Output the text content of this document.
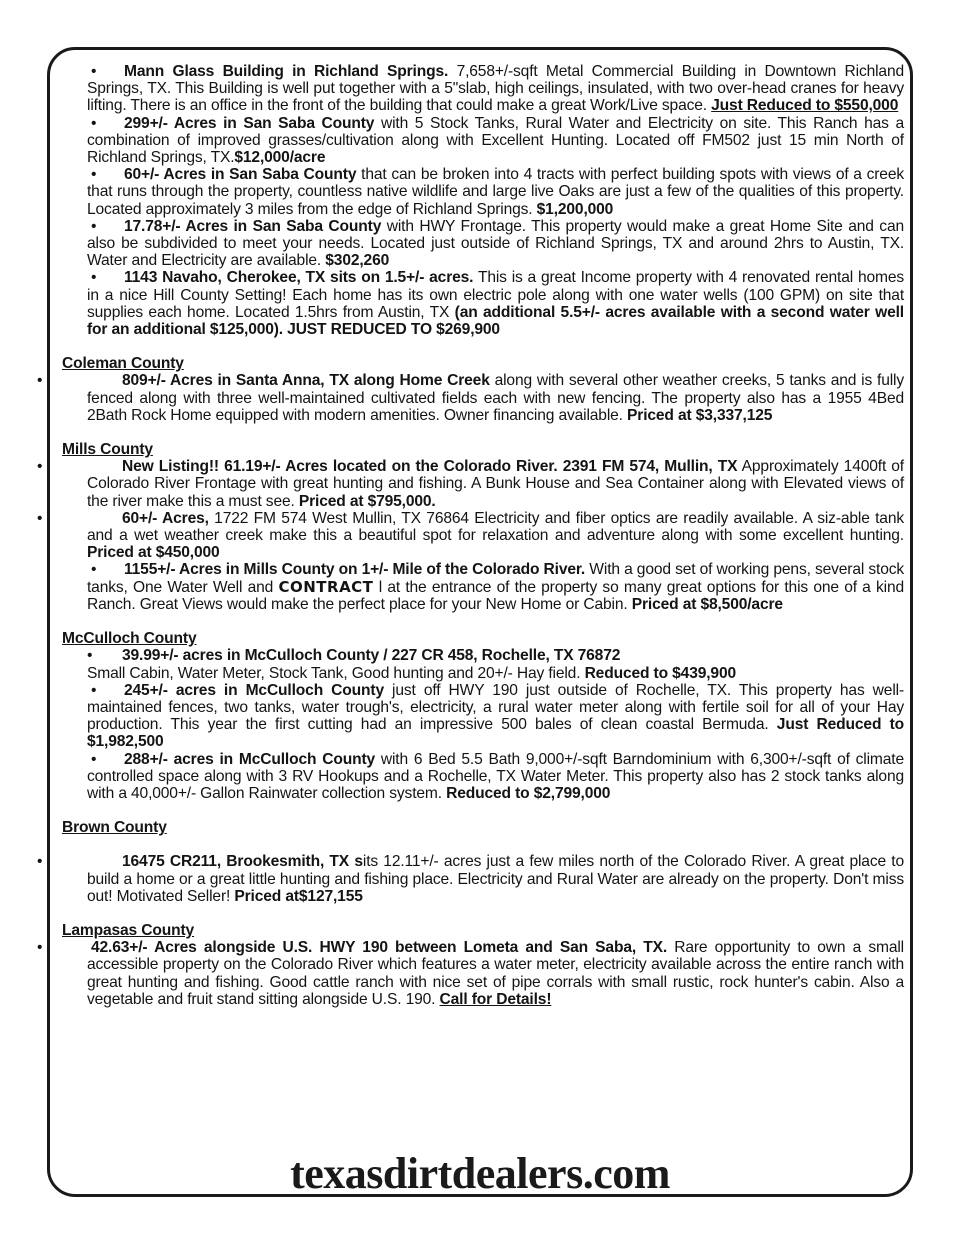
• Mann Glass Building in Richland Springs. 7,658+/-sqft Metal Commercial Building in Downtown Richland Springs, TX. This Building is well put together with a 5"slab, high ceilings, insulated, with two over-head cranes for heavy lifting. There is an office in the front of the building that could make a great Work/Live space. Just Reduced to $550,000
• 299+/- Acres in San Saba County with 5 Stock Tanks, Rural Water and Electricity on site. This Ranch has a combination of improved grasses/cultivation along with Excellent Hunting. Located off FM502 just 15 min North of Richland Springs, TX.$12,000/acre
• 60+/- Acres in San Saba County that can be broken into 4 tracts with perfect building spots with views of a creek that runs through the property, countless native wildlife and large live Oaks are just a few of the qualities of this property. Located approximately 3 miles from the edge of Richland Springs. $1,200,000
• 17.78+/- Acres in San Saba County with HWY Frontage. This property would make a great Home Site and can also be subdivided to meet your needs. Located just outside of Richland Springs, TX and around 2hrs to Austin, TX. Water and Electricity are available. $302,260
• 1143 Navaho, Cherokee, TX sits on 1.5+/- acres. This is a great Income property with 4 renovated rental homes in a nice Hill County Setting! Each home has its own electric pole along with one water wells (100 GPM) on site that supplies each home. Located 1.5hrs from Austin, TX (an additional 5.5+/- acres available with a second water well for an additional $125,000). JUST REDUCED TO $269,900
Coleman County
•	809+/- Acres in Santa Anna, TX along Home Creek along with several other weather creeks, 5 tanks and is fully fenced along with three well-maintained cultivated fields each with new fencing. The property also has a 1955 4Bed 2Bath Rock Home equipped with modern amenities. Owner financing available. Priced at $3,337,125
Mills County
•	New Listing!! 61.19+/- Acres located on the Colorado River. 2391 FM 574, Mullin, TX Approximately 1400ft of Colorado River Frontage with great hunting and fishing. A Bunk House and Sea Container along with Elevated views of the river make this a must see. Priced at $795,000.
•	60+/- Acres, 1722 FM 574 West Mullin, TX 76864 Electricity and fiber optics are readily available. A siz-able tank and a wet weather creek make this a beautiful spot for relaxation and adventure along with some excellent hunting. Priced at $450,000
• 1155+/- Acres in Mills County on 1+/- Mile of the Colorado River. With a good set of working pens, several stock tanks, One Water Well and CONTRACT l at the entrance of the property so many great options for this one of a kind Ranch. Great Views would make the perfect place for your New Home or Cabin. Priced at $8,500/acre
McCulloch County
• 39.99+/- acres in McCulloch County / 227 CR 458, Rochelle, TX 76872
Small Cabin, Water Meter, Stock Tank, Good hunting and 20+/- Hay field. Reduced to $439,900
• 245+/- acres in McCulloch County just off HWY 190 just outside of Rochelle, TX. This property has well-maintained fences, two tanks, water trough's, electricity, a rural water meter along with fertile soil for all of your Hay production. This year the first cutting had an impressive 500 bales of clean coastal Bermuda. Just Reduced to $1,982,500
• 288+/- acres in McCulloch County with 6 Bed 5.5 Bath 9,000+/-sqft Barndominium with 6,300+/-sqft of climate controlled space along with 3 RV Hookups and a Rochelle, TX Water Meter. This property also has 2 stock tanks along with a 40,000+/- Gallon Rainwater collection system. Reduced to $2,799,000
Brown County
•	16475 CR211, Brookesmith, TX sits 12.11+/- acres just a few miles north of the Colorado River. A great place to build a home or a great little hunting and fishing place. Electricity and Rural Water are already on the property. Don't miss out! Motivated Seller! Priced at$127,155
Lampasas County
•	42.63+/- Acres alongside U.S. HWY 190 between Lometa and San Saba, TX. Rare opportunity to own a small accessible property on the Colorado River which features a water meter, electricity available across the entire ranch with great hunting and fishing. Good cattle ranch with nice set of pipe corrals with small rustic, rock hunter's cabin. Also a vegetable and fruit stand sitting alongside U.S. 190. Call for Details!
texasdirtdealers.com
